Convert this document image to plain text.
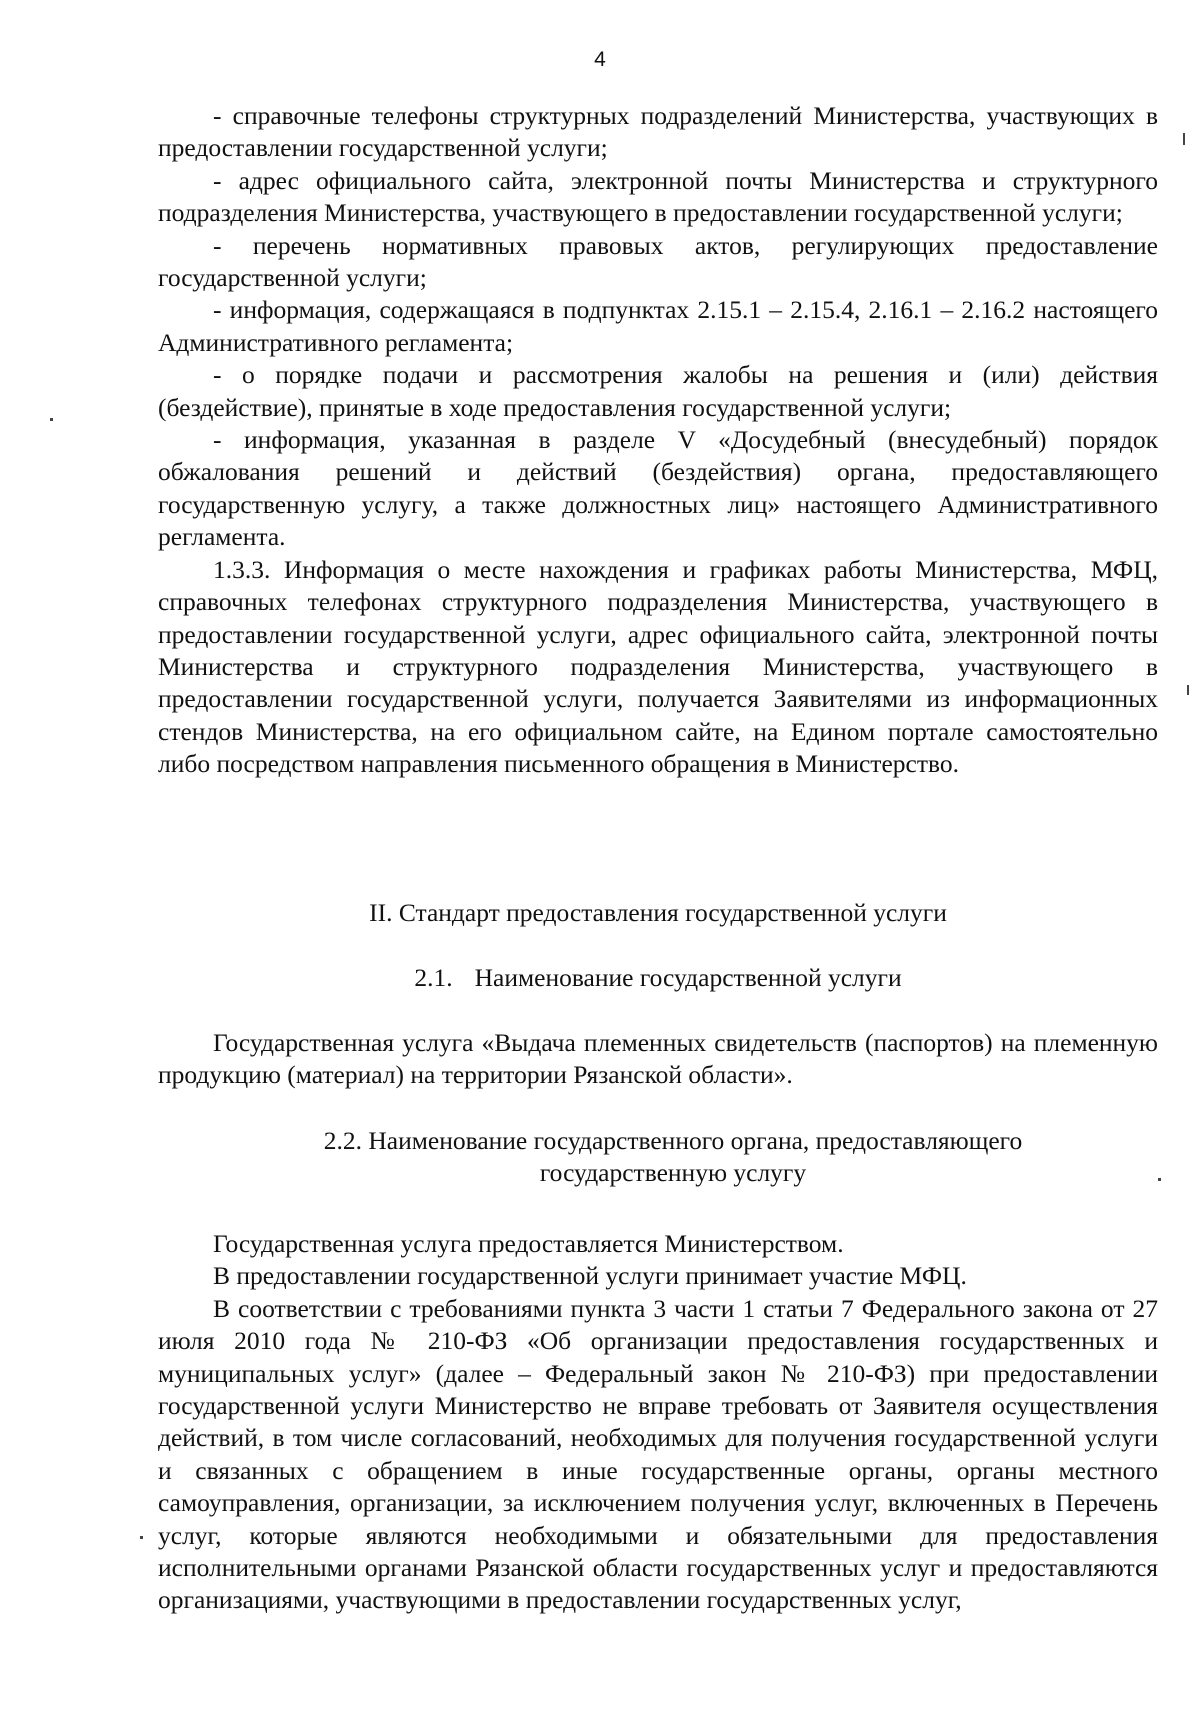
4

- справочные телефоны структурных подразделений Министерства, участвующих в предоставлении государственной услуги;

- адрес официального сайта, электронной почты Министерства и структурного подразделения Министерства, участвующего в предоставлении государственной услуги;

- перечень нормативных правовых актов, регулирующих предоставление государственной услуги;

- информация, содержащаяся в подпунктах 2.15.1 – 2.15.4, 2.16.1 – 2.16.2 настоящего Административного регламента;

- о порядке подачи и рассмотрения жалобы на решения и (или) действия (бездействие), принятые в ходе предоставления государственной услуги;

- информация, указанная в разделе V «Досудебный (внесудебный) порядок обжалования решений и действий (бездействия) органа, предоставляющего государственную услугу, а также должностных лиц» настоящего Административного регламента.

1.3.3. Информация о месте нахождения и графиках работы Министерства, МФЦ, справочных телефонах структурного подразделения Министерства, участвующего в предоставлении государственной услуги, адрес официального сайта, электронной почты Министерства и структурного подразделения Министерства, участвующего в предоставлении государственной услуги, получается Заявителями из информационных стендов Министерства, на его официальном сайте, на Едином портале самостоятельно либо посредством направления письменного обращения в Министерство.

II. Стандарт предоставления государственной услуги
2.1. Наименование государственной услуги

Государственная услуга «Выдача племенных свидетельств (паспортов) на племенную продукцию (материал) на территории Рязанской области».

2.2. Наименование государственного органа, предоставляющего
государственную услугу

Государственная услуга предоставляется Министерством.

В предоставлении государственной услуги принимает участие МФЦ.

В соответствии с требованиями пункта 3 части 1 статьи 7 Федерального закона от 27 июля 2010 года № 210-ФЗ «Об организации предоставления государственных и муниципальных услуг» (далее – Федеральный закон № 210-ФЗ) при предоставлении государственной услуги Министерство не вправе требовать от Заявителя осуществления действий, в том числе согласований, необходимых для получения государственной услуги и связанных с обращением в иные государственные органы, органы местного самоуправления, организации, за исключением получения услуг, включенных в Перечень услуг, которые являются необходимыми и обязательными для предоставления исполнительными органами Рязанской области государственных услуг и предоставляются организациями, участвующими в предоставлении государственных услуг,
